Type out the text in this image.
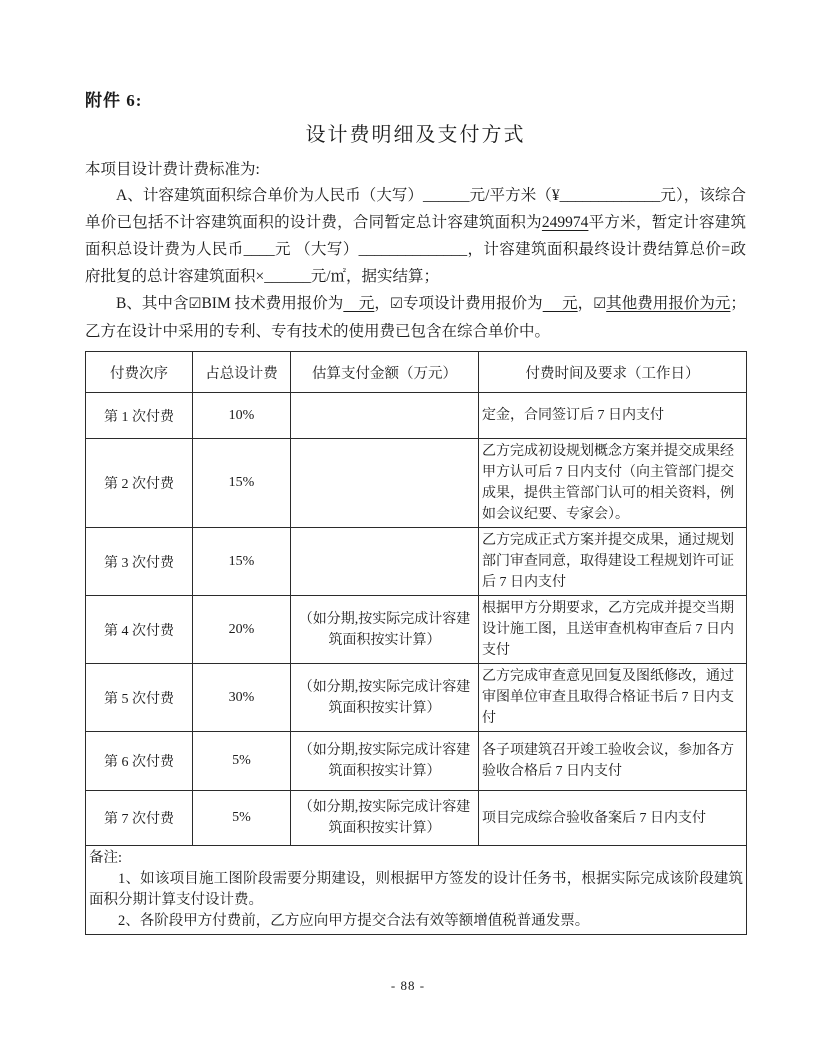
附件 6:
设计费明细及支付方式
本项目设计费计费标准为:

A、计容建筑面积综合单价为人民币（大写）______元/平方米（¥_____________元），该综合单价已包括不计容建筑面积的设计费，合同暂定总计容建筑面积为249974平方米，暂定计容建筑面积总设计费为人民币____元 （大写）______________，计容建筑面积最终设计费结算总价=政府批复的总计容建筑面积×______元/㎡，据实结算；

B、其中含☑BIM 技术费用报价为　元，☑专项设计费用报价为　 元，☑其他费用报价为元；乙方在设计中采用的专利、专有技术的使用费已包含在综合单价中。

付费次序	占总设计费	估算支付金额（万元）	付费时间及要求（工作日）
第 1 次付费	10%		定金，合同签订后 7 日内支付
第 2 次付费	15%		乙方完成初设规划概念方案并提交成果经甲方认可后 7 日内支付（向主管部门提交成果，提供主管部门认可的相关资料，例如会议纪要、专家会）。
第 3 次付费	15%		乙方完成正式方案并提交成果，通过规划部门审查同意，取得建设工程规划许可证后 7 日内支付
第 4 次付费	20%	（如分期,按实际完成计容建筑面积按实计算）	根据甲方分期要求，乙方完成并提交当期设计施工图，且送审查机构审查后 7 日内支付
第 5 次付费	30%	（如分期,按实际完成计容建筑面积按实计算）	乙方完成审查意见回复及图纸修改，通过审图单位审查且取得合格证书后 7 日内支付
第 6 次付费	5%	（如分期,按实际完成计容建筑面积按实计算）	各子项建筑召开竣工验收会议，参加各方验收合格后 7 日内支付
第 7 次付费	5%	（如分期,按实际完成计容建筑面积按实计算）	项目完成综合验收备案后 7 日内支付

备注:

1、如该项目施工图阶段需要分期建设，则根据甲方签发的设计任务书，根据实际完成该阶段建筑面积分期计算支付设计费。

2、各阶段甲方付费前，乙方应向甲方提交合法有效等额增值税普通发票。			

- 88 -
